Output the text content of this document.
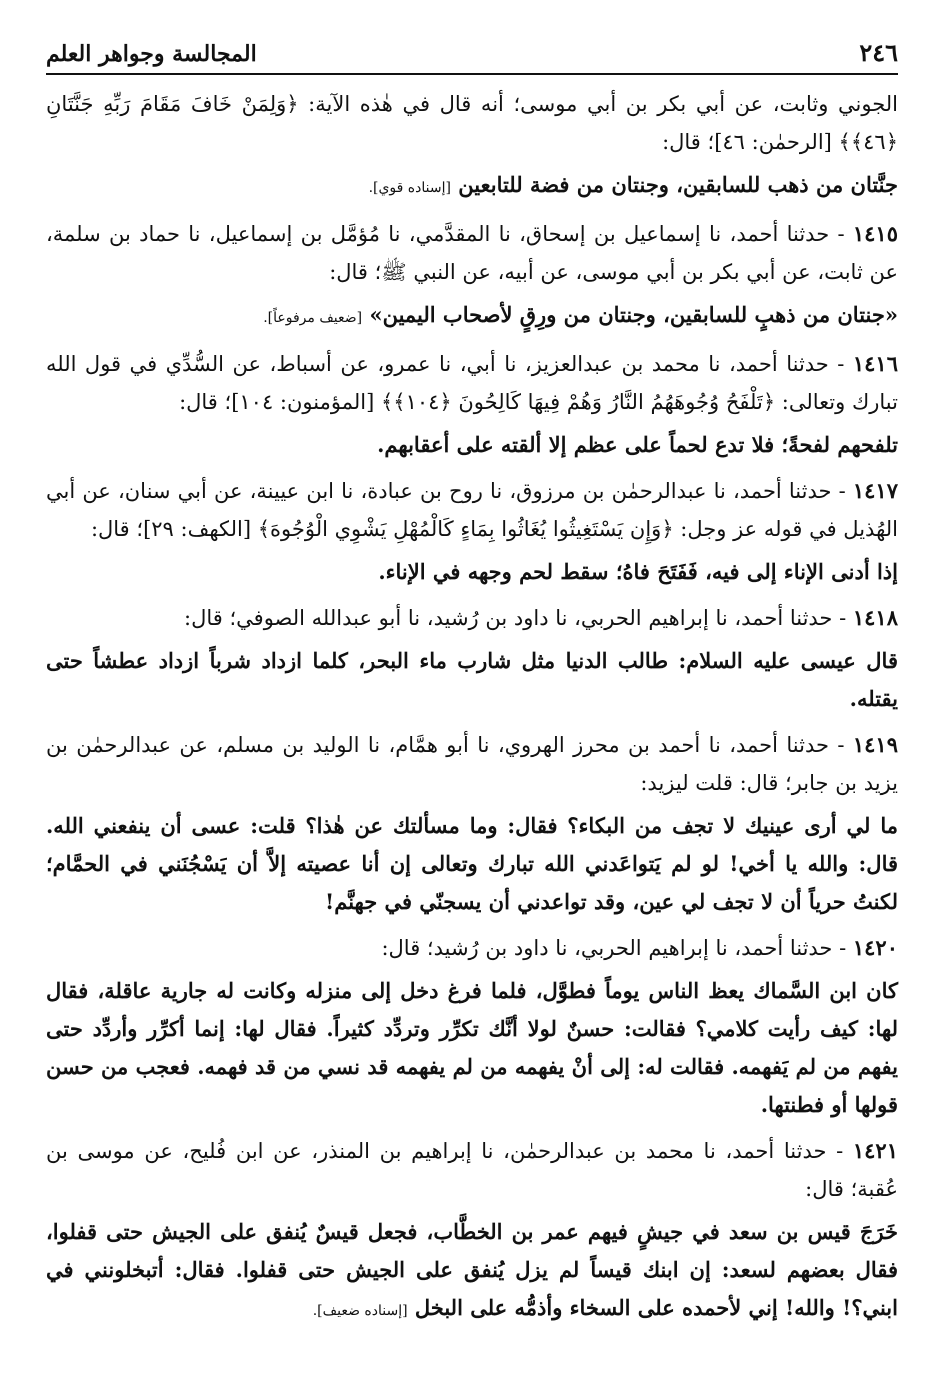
٢٤٦
المجالسة وجواهر العلم

الجوني وثابت، عن أبي بكر بن أبي موسى؛ أنه قال في هٰذه الآية: ﴿وَلِمَنْ خَافَ مَقَامَ رَبِّهِ جَنَّتَانِ ﴿٤٦﴾﴾ [الرحمٰن: ٤٦]؛ قال:

جنَّتان من ذهب للسابقين، وجنتان من فضة للتابعين [إسناده قوي].

١٤١٥ - حدثنا أحمد، نا إسماعيل بن إسحاق، نا المقدَّمي، نا مُؤمَّل بن إسماعيل، نا حماد بن سلمة، عن ثابت، عن أبي بكر بن أبي موسى، عن أبيه، عن النبي ﷺ؛ قال:

«جنتان من ذهبٍ للسابقين، وجنتان من ورِقٍ لأصحاب اليمين» [ضعيف مرفوعاً].

١٤١٦ - حدثنا أحمد، نا محمد بن عبدالعزيز، نا أبي، نا عمرو، عن أسباط، عن السُّدِّي في قول الله تبارك وتعالى: ﴿تَلْفَحُ وُجُوهَهُمُ النَّارُ وَهُمْ فِيهَا كَالِحُونَ ﴿١٠٤﴾﴾ [المؤمنون: ١٠٤]؛ قال:

تلفحهم لفحةً؛ فلا تدع لحماً على عظم إلا ألقته على أعقابهم.

١٤١٧ - حدثنا أحمد، نا عبدالرحمٰن بن مرزوق، نا روح بن عبادة، نا ابن عيينة، عن أبي سنان، عن أبي الهُذيل في قوله عز وجل: ﴿وَإِن يَسْتَغِيثُوا يُغَاثُوا بِمَاءٍ كَالْمُهْلِ يَشْوِي الْوُجُوهَ﴾ [الكهف: ٢٩]؛ قال:

إذا أدنى الإناء إلى فيه، فَفَتَحَ فاهُ؛ سقط لحم وجهه في الإناء.

١٤١٨ - حدثنا أحمد، نا إبراهيم الحربي، نا داود بن رُشيد، نا أبو عبدالله الصوفي؛ قال:

قال عيسى عليه السلام: طالب الدنيا مثل شارب ماء البحر، كلما ازداد شرباً ازداد عطشاً حتى يقتله.

١٤١٩ - حدثنا أحمد، نا أحمد بن محرز الهروي، نا أبو همَّام، نا الوليد بن مسلم، عن عبدالرحمٰن بن يزيد بن جابر؛ قال: قلت ليزيد:

ما لي أرى عينيك لا تجف من البكاء؟ فقال: وما مسألتك عن هٰذا؟ قلت: عسى أن ينفعني الله. قال: والله يا أخي! لو لم يَتواعَدني الله تبارك وتعالى إن أنا عصيته إلاَّ أن يَسْجُنَني في الحمَّام؛ لكنتُ حرياً أن لا تجف لي عين، وقد تواعدني أن يسجنّي في جهنَّم!

١٤٢٠ - حدثنا أحمد، نا إبراهيم الحربي، نا داود بن رُشيد؛ قال:

كان ابن السَّماك يعظ الناس يوماً فطوَّل، فلما فرغ دخل إلى منزله وكانت له جارية عاقلة، فقال لها: كيف رأيت كلامي؟ فقالت: حسنٌ لولا أنَّك تكرِّر وتردِّد كثيراً. فقال لها: إنما أكرِّر وأردِّد حتى يفهم من لم يَفهمه. فقالت له: إلى أنْ يفهمه من لم يفهمه قد نسي من قد فهمه. فعجب من حسن قولها أو فطنتها.

١٤٢١ - حدثنا أحمد، نا محمد بن عبدالرحمٰن، نا إبراهيم بن المنذر، عن ابن فُليح، عن موسى بن عُقبة؛ قال:

خَرَجَ قيس بن سعد في جيشٍ فيهم عمر بن الخطَّاب، فجعل قيسٌ يُنفق على الجيش حتى قفلوا، فقال بعضهم لسعد: إن ابنك قيساً لم يزل يُنفق على الجيش حتى قفلوا. فقال: أتبخلونني في ابني؟! والله! إني لأحمده على السخاء وأذمُّه على البخل [إسناده ضعيف].
